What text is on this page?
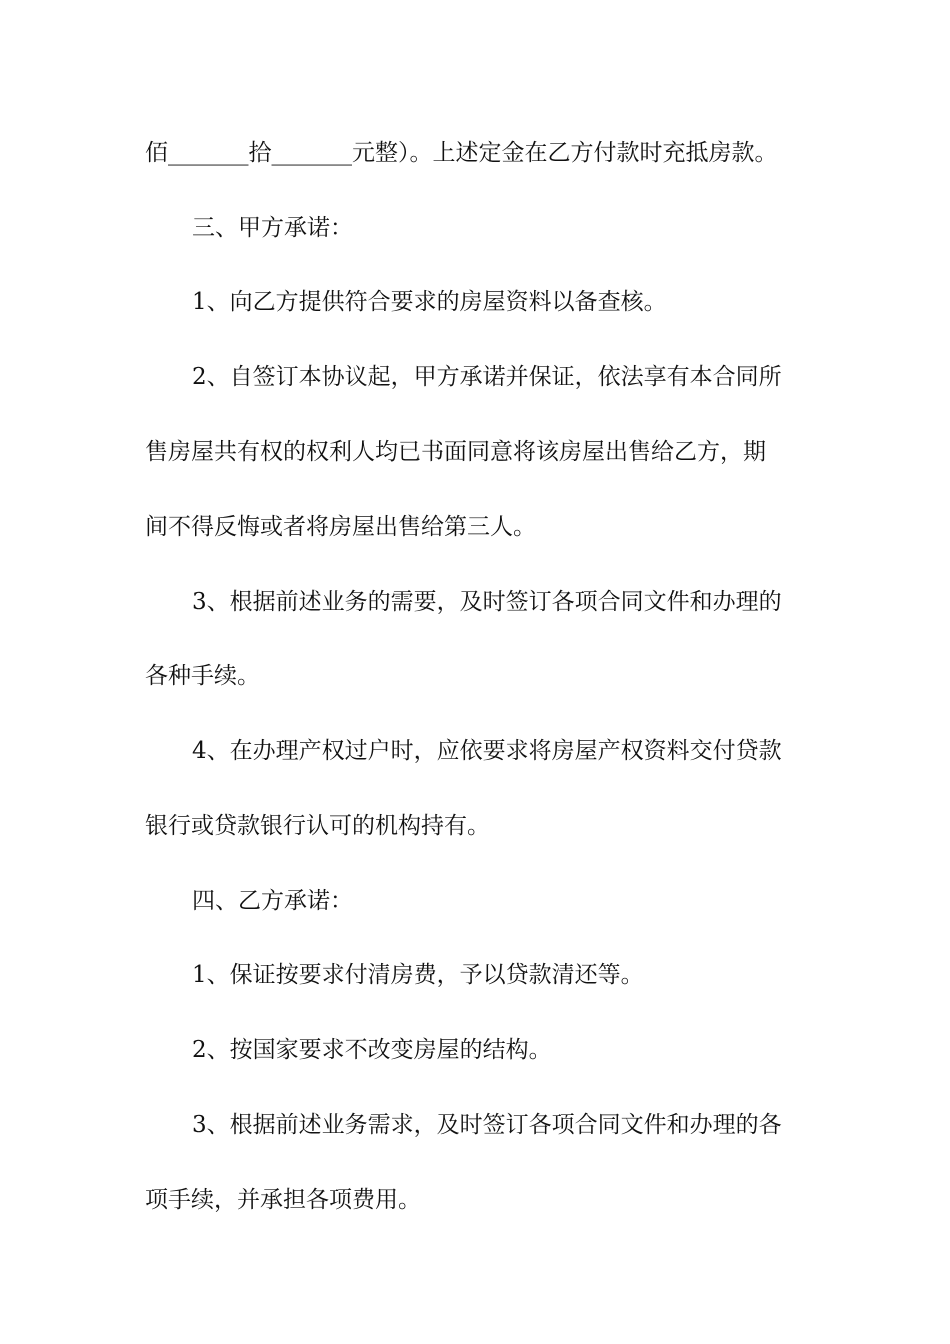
佰_______拾_______元整）。上述定金在乙方付款时充抵房款。
三、甲方承诺：
1、向乙方提供符合要求的房屋资料以备查核。
2、自签订本协议起，甲方承诺并保证，依法享有本合同所
售房屋共有权的权利人均已书面同意将该房屋出售给乙方，期
间不得反悔或者将房屋出售给第三人。
3、根据前述业务的需要，及时签订各项合同文件和办理的
各种手续。
4、在办理产权过户时，应依要求将房屋产权资料交付贷款
银行或贷款银行认可的机构持有。
四、乙方承诺：
1、保证按要求付清房费，予以贷款清还等。
2、按国家要求不改变房屋的结构。
3、根据前述业务需求，及时签订各项合同文件和办理的各
项手续，并承担各项费用。
